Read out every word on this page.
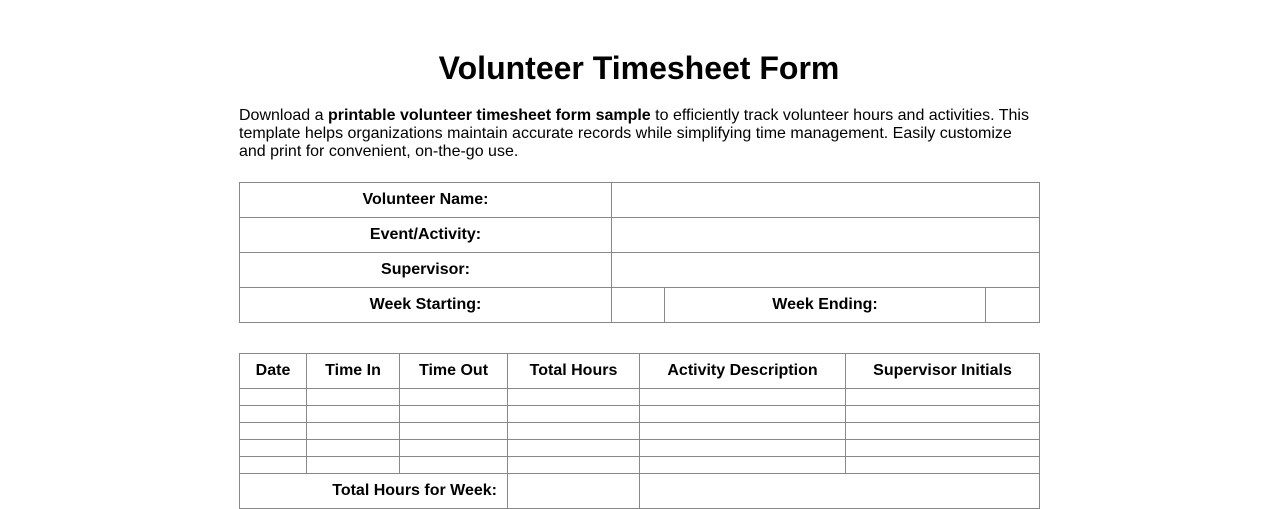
Volunteer Timesheet Form

Download a printable volunteer timesheet form sample to efficiently track volunteer hours and activities. This template helps organizations maintain accurate records while simplifying time management. Easily customize and print for convenient, on-the-go use.

Volunteer Name:			
Event/Activity:			
Supervisor:			
Week Starting:		Week Ending:	
Date	Time In	Time Out	Total Hours	Activity Description	Supervisor Initials

Total Hours for Week:					
